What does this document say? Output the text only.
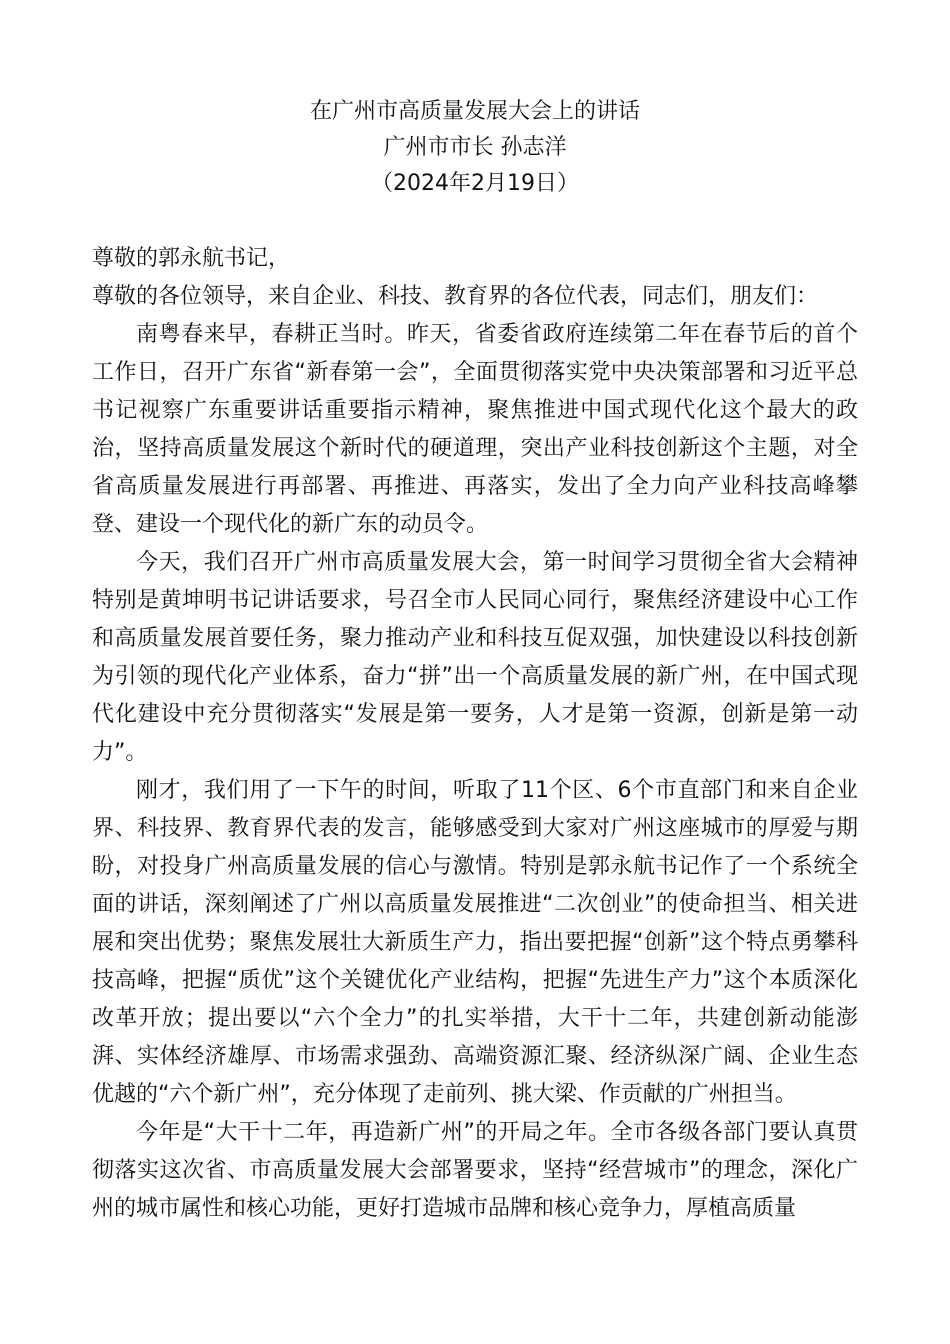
在广州市高质量发展大会上的讲话
广州市市长 孙志洋
（2024年2月19日）

尊敬的郭永航书记，

尊敬的各位领导，来自企业、科技、教育界的各位代表，同志们，朋友们：

南粤春来早，春耕正当时。昨天，省委省政府连续第二年在春节后的首个工作日，召开广东省“新春第一会”，全面贯彻落实党中央决策部署和习近平总书记视察广东重要讲话重要指示精神，聚焦推进中国式现代化这个最大的政治，坚持高质量发展这个新时代的硬道理，突出产业科技创新这个主题，对全省高质量发展进行再部署、再推进、再落实，发出了全力向产业科技高峰攀登、建设一个现代化的新广东的动员令。

今天，我们召开广州市高质量发展大会，第一时间学习贯彻全省大会精神特别是黄坤明书记讲话要求，号召全市人民同心同行，聚焦经济建设中心工作和高质量发展首要任务，聚力推动产业和科技互促双强，加快建设以科技创新为引领的现代化产业体系，奋力“拼”出一个高质量发展的新广州，在中国式现代化建设中充分贯彻落实“发展是第一要务，人才是第一资源，创新是第一动力”。

刚才，我们用了一下午的时间，听取了11个区、6个市直部门和来自企业界、科技界、教育界代表的发言，能够感受到大家对广州这座城市的厚爱与期盼，对投身广州高质量发展的信心与激情。特别是郭永航书记作了一个系统全面的讲话，深刻阐述了广州以高质量发展推进“二次创业”的使命担当、相关进展和突出优势；聚焦发展壮大新质生产力，指出要把握“创新”这个特点勇攀科技高峰，把握“质优”这个关键优化产业结构，把握“先进生产力”这个本质深化改革开放；提出要以“六个全力”的扎实举措，大干十二年，共建创新动能澎湃、实体经济雄厚、市场需求强劲、高端资源汇聚、经济纵深广阔、企业生态优越的“六个新广州”，充分体现了走前列、挑大梁、作贡献的广州担当。

今年是“大干十二年，再造新广州”的开局之年。全市各级各部门要认真贯彻落实这次省、市高质量发展大会部署要求，坚持“经营城市”的理念，深化广州的城市属性和核心功能，更好打造城市品牌和核心竞争力，厚植高质量
